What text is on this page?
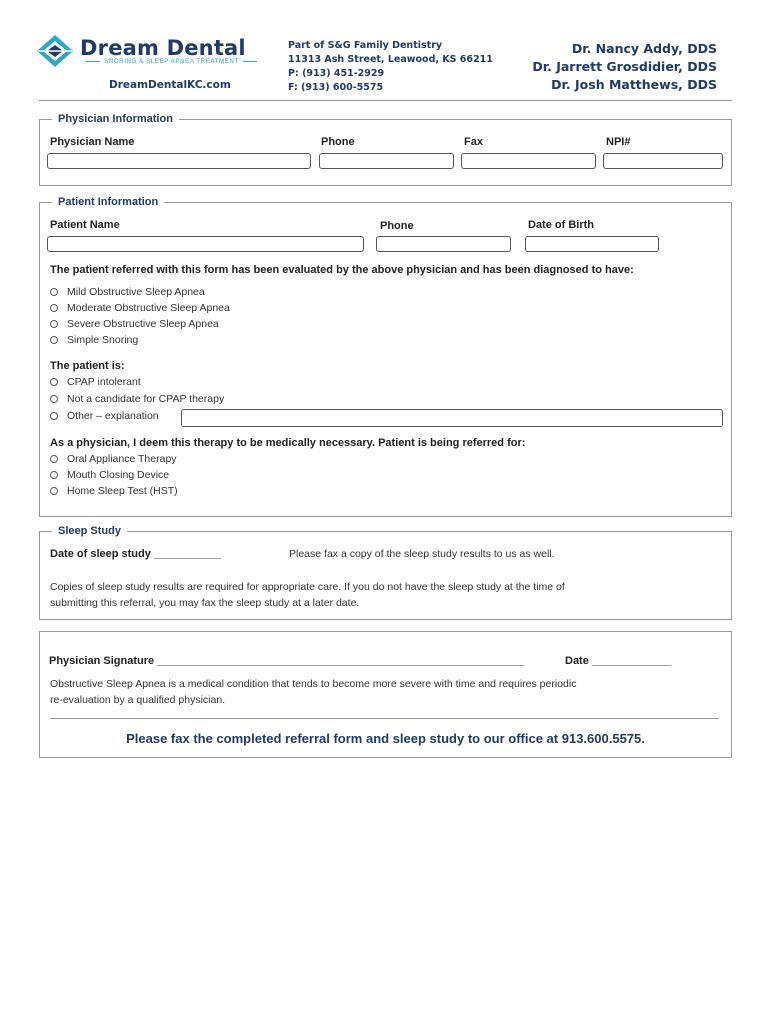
Dream Dental
SNORING & SLEEP APNEA TREATMENT
DreamDentalKC.com
Part of S&G Family Dentistry
11313 Ash Street, Leawood, KS 66211
P: (913) 451-2929
F: (913) 600-5575
Dr. Nancy Addy, DDS
Dr. Jarrett Grosdidier, DDS
Dr. Josh Matthews, DDS
Physician Information
Physician Name	Phone	Fax	NPI#
Patient Information
Patient Name	Phone	Date of Birth
The patient referred with this form has been evaluated by the above physician and has been diagnosed to have:
Mild Obstructive Sleep Apnea
Moderate Obstructive Sleep Apnea
Severe Obstructive Sleep Apnea
Simple Snoring
The patient is:
CPAP intolerant
Not a candidate for CPAP therapy
Other – explanation
As a physician, I deem this therapy to be medically necessary. Patient is being referred for:
Oral Appliance Therapy
Mouth Closing Device
Home Sleep Test (HST)
Sleep Study
Date of sleep study ___________	Please fax a copy of the sleep study results to us as well.
Copies of sleep study results are required for appropriate care. If you do not have the sleep study at the time of
submitting this referral, you may fax the sleep study at a later date.
Physician Signature ____________________________________________________________	Date _____________
Obstructive Sleep Apnea is a medical condition that tends to become more severe with time and requires periodic
re-evaluation by a qualified physician.
Please fax the completed referral form and sleep study to our office at 913.600.5575.
